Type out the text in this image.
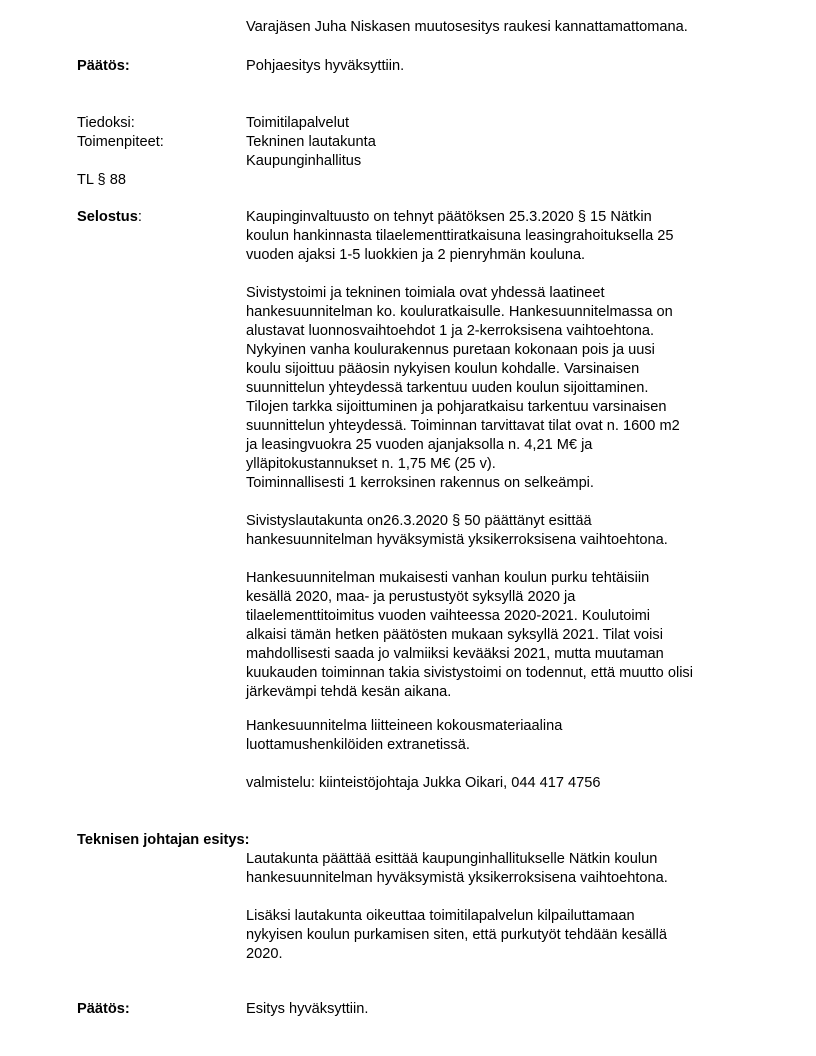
Varajäsen Juha Niskasen muutosesitys raukesi kannattamattomana.
Päätös:	Pohjaesitys hyväksyttiin.
Tiedoksi:	Toimitilapalvelut
Toimenpiteet:	Tekninen lautakunta
Kaupunginhallitus
TL § 88
Selostus:	Kaupinginvaltuusto on tehnyt päätöksen 25.3.2020 § 15 Nätkin
koulun hankinnasta tilaelementtiratkaisuna leasingrahoituksella 25
vuoden ajaksi 1-5 luokkien ja 2 pienryhmän kouluna.
Sivistystoimi ja tekninen toimiala ovat yhdessä laatineet
hankesuunnitelman ko. kouluratkaisulle. Hankesuunnitelmassa on
alustavat luonnosvaihtoehdot 1 ja 2-kerroksisena vaihtoehtona.
Nykyinen vanha koulurakennus puretaan kokonaan pois ja uusi
koulu sijoittuu pääosin nykyisen koulun kohdalle. Varsinaisen
suunnittelun yhteydessä tarkentuu uuden koulun sijoittaminen.
Tilojen tarkka sijoittuminen ja pohjaratkaisu tarkentuu varsinaisen
suunnittelun yhteydessä. Toiminnan tarvittavat tilat ovat n. 1600 m2
ja leasingvuokra 25 vuoden ajanjaksolla n. 4,21 M€ ja
ylläpitokustannukset n. 1,75 M€ (25 v).
Toiminnallisesti 1 kerroksinen rakennus on selkeämpi.
Sivistyslautakunta on26.3.2020 § 50 päättänyt esittää
hankesuunnitelman hyväksymistä yksikerroksisena vaihtoehtona.
Hankesuunnitelman mukaisesti vanhan koulun purku tehtäisiin
kesällä 2020, maa- ja perustustyöt syksyllä 2020 ja
tilaelementtitoimitus vuoden vaihteessa 2020-2021. Koulutoimi
alkaisi tämän hetken päätösten mukaan syksyllä 2021. Tilat voisi
mahdollisesti saada jo valmiiksi kevääksi 2021, mutta muutaman
kuukauden toiminnan takia sivistystoimi on todennut, että muutto olisi
järkevämpi tehdä kesän aikana.
Hankesuunnitelma liitteineen kokousmateriaalina
luottamushenkilöiden extranetissä.
valmistelu: kiinteistöjohtaja Jukka Oikari, 044 417 4756
Teknisen johtajan esitys:
Lautakunta päättää esittää kaupunginhallitukselle Nätkin koulun
hankesuunnitelman hyväksymistä yksikerroksisena vaihtoehtona.
Lisäksi lautakunta oikeuttaa toimitilapalvelun kilpailuttamaan
nykyisen koulun purkamisen siten, että purkutyöt tehdään kesällä
2020.
Päätös:	Esitys hyväksyttiin.
